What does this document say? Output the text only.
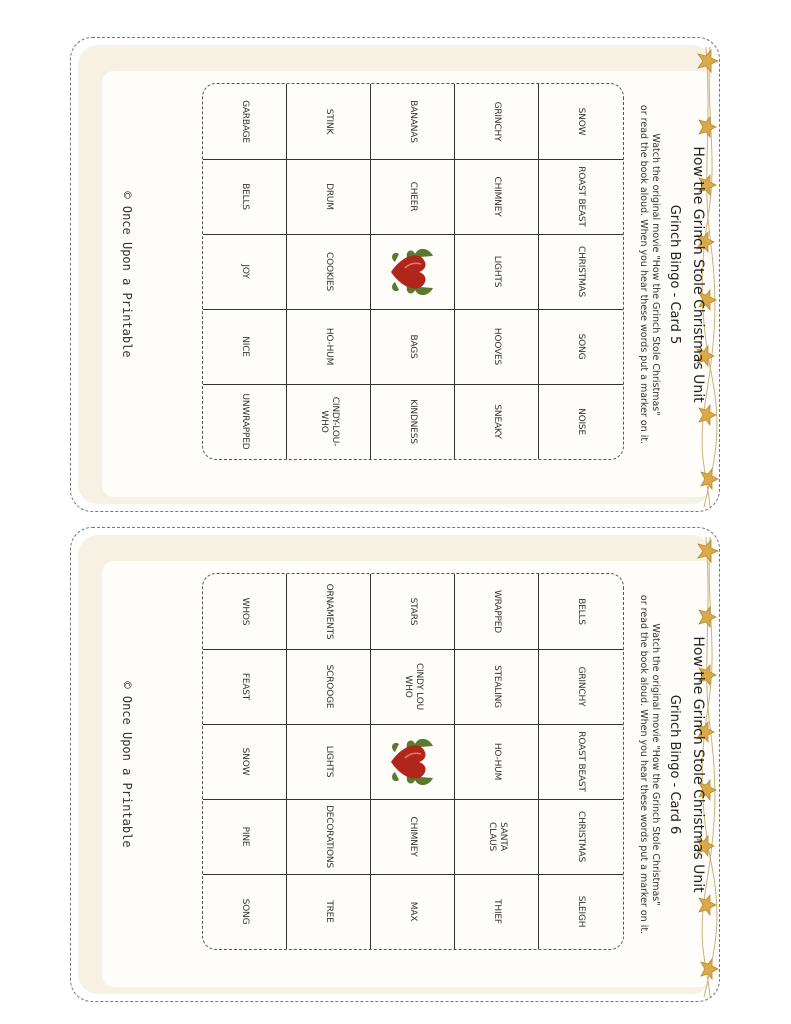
How the Grinch Stole Christmas Unit
Grinch Bingo - Card 5
Watch the original movie "How the Grinch Stole Christmas"
or read the book aloud. When you hear these words put a marker on it.
SNOW
ROAST BEAST
CHRISTMAS
SONG
NOISE
GRINCHY
CHIMNEY
LIGHTS
HOOVES
SNEAKY
BANANAS
CHEER
BAGS
KINDNESS
STINK
DRUM
COOKIES
HO-HUM
CINDY-LOU-WHO
GARBAGE
BELLS
JOY
NICE
UNWRAPPED
© Once Upon a Printable
How the Grinch Stole Christmas Unit
Grinch Bingo - Card 6
Watch the original movie "How the Grinch Stole Christmas"
or read the book aloud. When you hear these words put a marker on it.
BELLS
GRINCHY
ROAST BEAST
CHRISTMAS
SLEIGH
WRAPPED
STEALING
HO-HUM
SANTA CLAUS
THIEF
STARS
CINDY LOU WHO
CHIMNEY
MAX
ORNAMENTS
SCROOGE
LIGHTS
DECORATIONS
TREE
WHOS
FEAST
SNOW
PINE
SONG
© Once Upon a Printable
